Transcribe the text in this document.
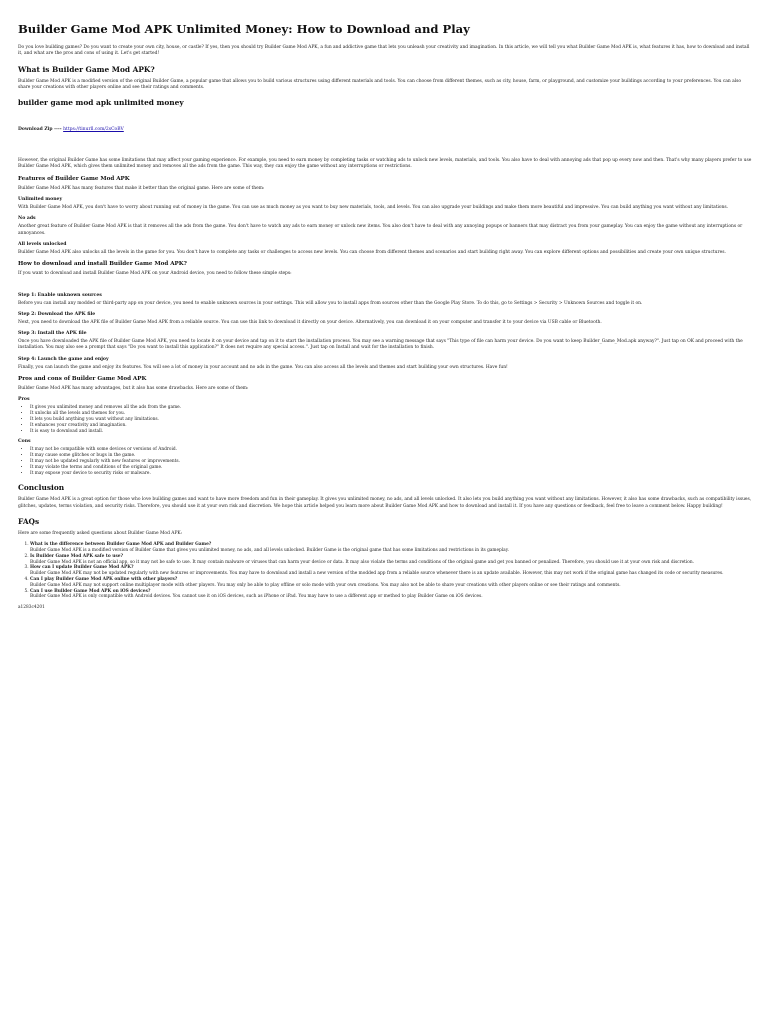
Builder Game Mod APK Unlimited Money: How to Download and Play

Do you love building games? Do you want to create your own city, house, or castle? If yes, then you should try Builder Game Mod APK, a fun and addictive game that lets you unleash your creativity and imagination. In this article, we will tell you what Builder Game Mod APK is, what features it has, how to download and install it, and what are the pros and cons of using it. Let's get started!

What is Builder Game Mod APK?

Builder Game Mod APK is a modified version of the original Builder Game, a popular game that allows you to build various structures using different materials and tools. You can choose from different themes, such as city, house, farm, or playground, and customize your buildings according to your preferences. You can also share your creations with other players online and see their ratings and comments.

builder game mod apk unlimited money
Download Zip ---- https://tinurll.com/2sCoBV

However, the original Builder Game has some limitations that may affect your gaming experience. For example, you need to earn money by completing tasks or watching ads to unlock new levels, materials, and tools. You also have to deal with annoying ads that pop up every now and then. That's why many players prefer to use Builder Game Mod APK, which gives them unlimited money and removes all the ads from the game. This way, they can enjoy the game without any interruptions or restrictions.

Features of Builder Game Mod APK

Builder Game Mod APK has many features that make it better than the original game. Here are some of them:

Unlimited money

With Builder Game Mod APK, you don't have to worry about running out of money in the game. You can use as much money as you want to buy new materials, tools, and levels. You can also upgrade your buildings and make them more beautiful and impressive. You can build anything you want without any limitations.

No ads

Another great feature of Builder Game Mod APK is that it removes all the ads from the game. You don't have to watch any ads to earn money or unlock new items. You also don't have to deal with any annoying popups or banners that may distract you from your gameplay. You can enjoy the game without any interruptions or annoyances.

All levels unlocked

Builder Game Mod APK also unlocks all the levels in the game for you. You don't have to complete any tasks or challenges to access new levels. You can choose from different themes and scenarios and start building right away. You can explore different options and possibilities and create your own unique structures.

How to download and install Builder Game Mod APK?

If you want to download and install Builder Game Mod APK on your Android device, you need to follow these simple steps:

Step 1: Enable unknown sources

Before you can install any modded or third-party app on your device, you need to enable unknown sources in your settings. This will allow you to install apps from sources other than the Google Play Store. To do this, go to Settings > Security > Unknown Sources and toggle it on.

Step 2: Download the APK file

Next, you need to download the APK file of Builder Game Mod APK from a reliable source. You can use this link to download it directly on your device. Alternatively, you can download it on your computer and transfer it to your device via USB cable or Bluetooth.

Step 3: Install the APK file

Once you have downloaded the APK file of Builder Game Mod APK, you need to locate it on your device and tap on it to start the installation process. You may see a warning message that says "This type of file can harm your device. Do you want to keep Builder_Game_Mod.apk anyway?". Just tap on OK and proceed with the installation. You may also see a prompt that says "Do you want to install this application?" It does not require any special access.". Just tap on Install and wait for the installation to finish.

Step 4: Launch the game and enjoy

Finally, you can launch the game and enjoy its features. You will see a lot of money in your account and no ads in the game. You can also access all the levels and themes and start building your own structures. Have fun!

Pros and cons of Builder Game Mod APK

Builder Game Mod APK has many advantages, but it also has some drawbacks. Here are some of them:

Pros
• It gives you unlimited money and removes all the ads from the game.
• It unlocks all the levels and themes for you.
• It lets you build anything you want without any limitations.
• It enhances your creativity and imagination.
• It is easy to download and install.
Cons
• It may not be compatible with some devices or versions of Android.
• It may cause some glitches or bugs in the game.
• It may not be updated regularly with new features or improvements.
• It may violate the terms and conditions of the original game.
• It may expose your device to security risks or malware.
Conclusion

Builder Game Mod APK is a great option for those who love building games and want to have more freedom and fun in their gameplay. It gives you unlimited money, no ads, and all levels unlocked. It also lets you build anything you want without any limitations. However, it also has some drawbacks, such as compatibility issues, glitches, updates, terms violation, and security risks. Therefore, you should use it at your own risk and discretion. We hope this article helped you learn more about Builder Game Mod APK and how to download and install it. If you have any questions or feedback, feel free to leave a comment below. Happy building!

FAQs

Here are some frequently asked questions about Builder Game Mod APK:

1. What is the difference between Builder Game Mod APK and Builder Game?
Builder Game Mod APK is a modified version of Builder Game that gives you unlimited money, no ads, and all levels unlocked. Builder Game is the original game that has some limitations and restrictions in its gameplay.
2. Is Builder Game Mod APK safe to use?
Builder Game Mod APK is not an official app, so it may not be safe to use. It may contain malware or viruses that can harm your device or data. It may also violate the terms and conditions of the original game and get you banned or penalized. Therefore, you should use it at your own risk and discretion.
3. How can I update Builder Game Mod APK?
Builder Game Mod APK may not be updated regularly with new features or improvements. You may have to download and install a new version of the modded app from a reliable source whenever there is an update available. However, this may not work if the original game has changed its code or security measures.
4. Can I play Builder Game Mod APK online with other players?
Builder Game Mod APK may not support online multiplayer mode with other players. You may only be able to play offline or solo mode with your own creations. You may also not be able to share your creations with other players online or see their ratings and comments.
5. Can I use Builder Game Mod APK on iOS devices?
Builder Game Mod APK is only compatible with Android devices. You cannot use it on iOS devices, such as iPhone or iPad. You may have to use a different app or method to play Builder Game on iOS devices.
a1283c4201
